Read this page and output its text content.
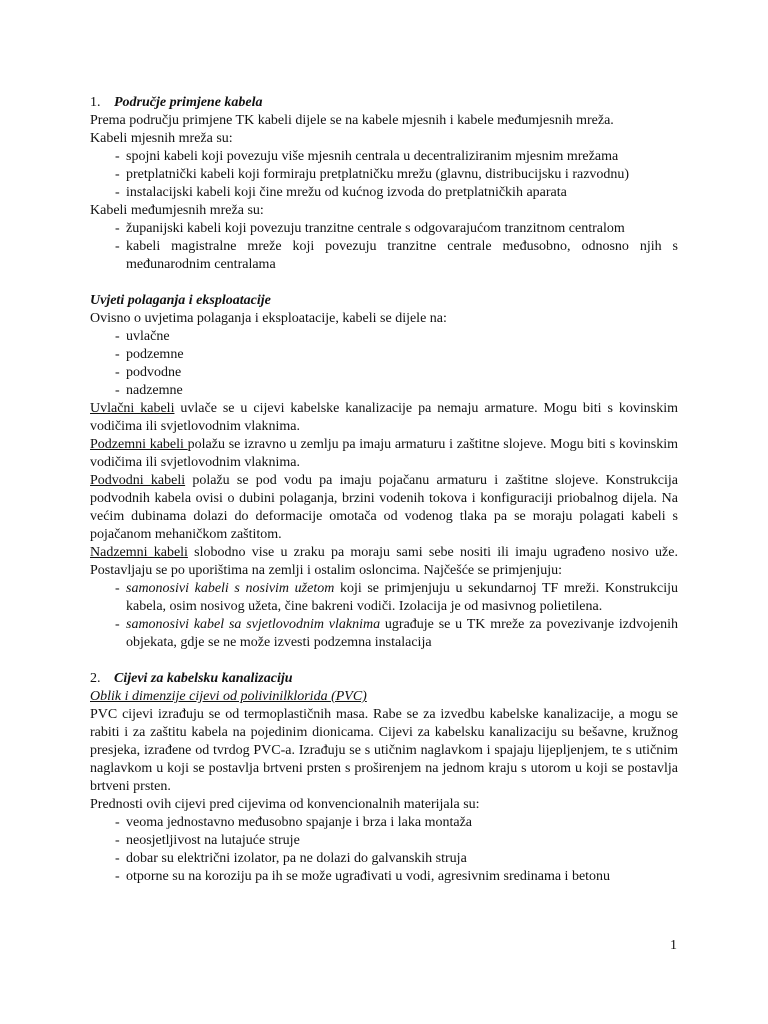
1. Područje primjene kabela

Prema području primjene TK kabeli dijele se na kabele mjesnih i kabele međumjesnih mreža.

Kabeli mjesnih mreža su:

- spojni kabeli koji povezuju više mjesnih centrala u decentraliziranim mjesnim mrežama
- pretplatnički kabeli koji formiraju pretplatničku mrežu (glavnu, distribucijsku i razvodnu)
- instalacijski kabeli koji čine mrežu od kućnog izvoda do pretplatničkih aparata

Kabeli međumjesnih mreža su:

- županijski kabeli koji povezuju tranzitne centrale s odgovarajućom tranzitnom centralom
- kabeli magistralne mreže koji povezuju tranzitne centrale međusobno, odnosno njih s međunarodnim centralama

Uvjeti polaganja i eksploatacije

Ovisno o uvjetima polaganja i eksploatacije, kabeli se dijele na:

- uvlačne
- podzemne
- podvodne
- nadzemne

Uvlačni kabeli uvlače se u cijevi kabelske kanalizacije pa nemaju armature. Mogu biti s kovinskim vodičima ili svjetlovodnim vlaknima.

Podzemni kabeli polažu se izravno u zemlju pa imaju armaturu i zaštitne slojeve. Mogu biti s kovinskim vodičima ili svjetlovodnim vlaknima.

Podvodni kabeli polažu se pod vodu pa imaju pojačanu armaturu i zaštitne slojeve. Konstrukcija podvodnih kabela ovisi o dubini polaganja, brzini vodenih tokova i konfiguraciji priobalnog dijela. Na većim dubinama dolazi do deformacije omotača od vodenog tlaka pa se moraju polagati kabeli s pojačanom mehaničkom zaštitom.

Nadzemni kabeli slobodno vise u zraku pa moraju sami sebe nositi ili imaju ugrađeno nosivo uže. Postavljaju se po uporištima na zemlji i ostalim osloncima. Najčešće se primjenjuju:

- samonosivi kabeli s nosivim užetom koji se primjenjuju u sekundarnoj TF mreži. Konstrukciju kabela, osim nosivog užeta, čine bakreni vodiči. Izolacija je od masivnog polietilena.
- samonosivi kabel sa svjetlovodnim vlaknima ugrađuje se u TK mreže za povezivanje izdvojenih objekata, gdje se ne može izvesti podzemna instalacija

2. Cijevi za kabelsku kanalizaciju

Oblik i dimenzije cijevi od polivinilklorida (PVC)

PVC cijevi izrađuju se od termoplastičnih masa. Rabe se za izvedbu kabelske kanalizacije, a mogu se rabiti i za zaštitu kabela na pojedinim dionicama. Cijevi za kabelsku kanalizaciju su bešavne, kružnog presjeka, izrađene od tvrdog PVC-a. Izrađuju se s utičnim naglavkom i spajaju lijepljenjem, te s utičnim naglavkom u koji se postavlja brtveni prsten s proširenjem na jednom kraju s utorom u koji se postavlja brtveni prsten.

Prednosti ovih cijevi pred cijevima od konvencionalnih materijala su:

- veoma jednostavno međusobno spajanje i brza i laka montaža
- neosjetljivost na lutajuće struje
- dobar su električni izolator, pa ne dolazi do galvanskih struja
- otporne su na koroziju pa ih se može ugrađivati u vodi, agresivnim sredinama i betonu
1
